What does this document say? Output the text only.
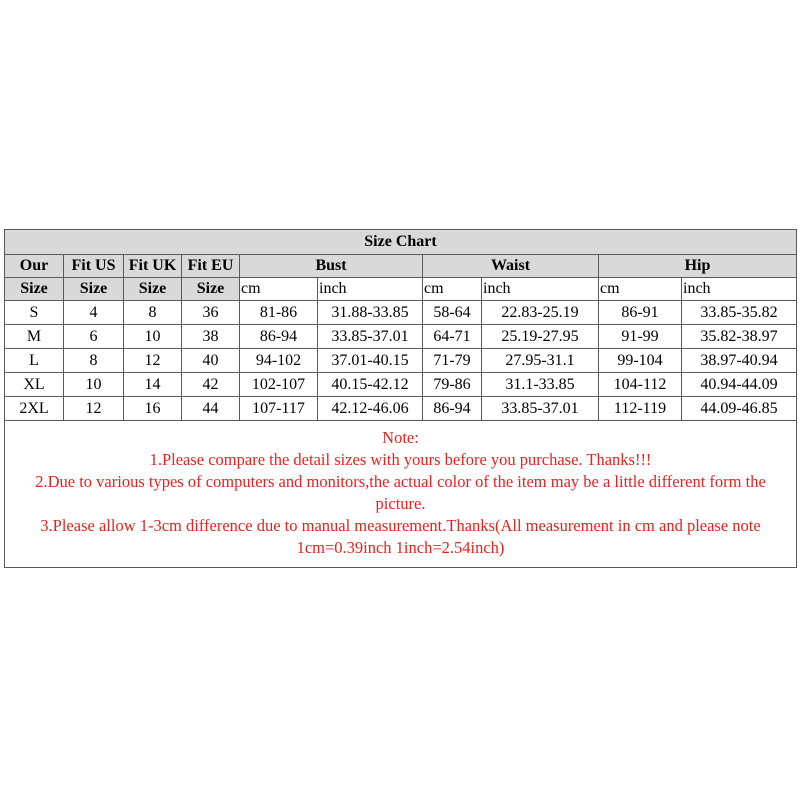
Size Chart									
Our	Fit US	Fit UK	Fit EU	Bust		Waist		Hip	
Size	Size	Size	Size	cm	inch	cm	inch	cm	inch
S	4	8	36	81-86	31.88-33.85	58-64	22.83-25.19	86-91	33.85-35.82
M	6	10	38	86-94	33.85-37.01	64-71	25.19-27.95	91-99	35.82-38.97
L	8	12	40	94-102	37.01-40.15	71-79	27.95-31.1	99-104	38.97-40.94
XL	10	14	42	102-107	40.15-42.12	79-86	31.1-33.85	104-112	40.94-44.09
2XL	12	16	44	107-117	42.12-46.06	86-94	33.85-37.01	112-119	44.09-46.85

Note:
1.Please compare the detail sizes with yours before you purchase. Thanks!!!
2.Due to various types of computers and monitors,the actual color of the item may be a little different form the picture.
3.Please allow 1-3cm difference due to manual measurement.Thanks(All measurement in cm and please note 1cm=0.39inch 1inch=2.54inch)									
